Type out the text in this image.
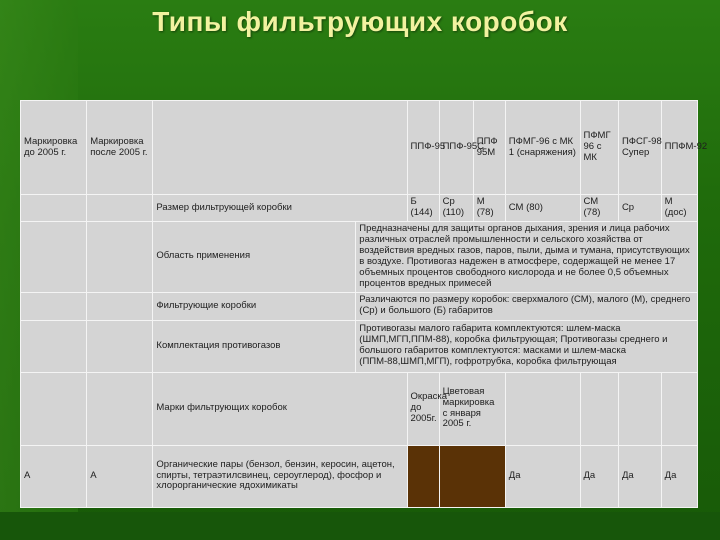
Типы фильтрующих коробок
Маркировка до 2005 г.	Маркировка после 2005 г.			ППФ-95	ППФ-95С	ППФ 95М	ПФМГ-96 с МК 1 (снаряжения)	ПФМГ 96 с МК	ПФСГ-98 Супер	ППФМ-92
		Размер фильтрующей коробки		Б (144)	Ср (110)	М (78)	СМ (80)	СМ (78)	Ср	М (дос)
		Область применения	Предназначены для защиты органов дыхания, зрения и лица рабочих различных отраслей промышленности и сельского хозяйства от воздействия вредных газов, паров, пыли, дыма и тумана, присутствующих в воздухе. Противогаз надежен в атмосфере, содержащей не менее 17 объемных процентов свободного кислорода и не более 0,5 объемных процентов вредных примесей							
		Фильтрующие коробки	Различаются по размеру коробок: сверхмалого (СМ), малого (М), среднего (Ср) и большого (Б) габаритов							
		Комплектация противогазов	Противогазы малого габарита комплектуются: шлем-маска (ШМП,МГП,ППМ-88), коробка фильтрующая; Противогазы среднего и большого габаритов комплектуются: масками и шлем-маска (ППМ-88,ШМП,МГП), гофротрубка, коробка фильтрующая							
		Марки фильтрующих коробок		Окраска до 2005г.	Цветовая маркировка с января 2005 г.					
А	А	Органические пары (бензол, бензин, керосин, ацетон, спирты, тетраэтилсвинец, сероуглерод), фосфор и хлорорганические ядохимикаты					Да	Да	Да	Да
